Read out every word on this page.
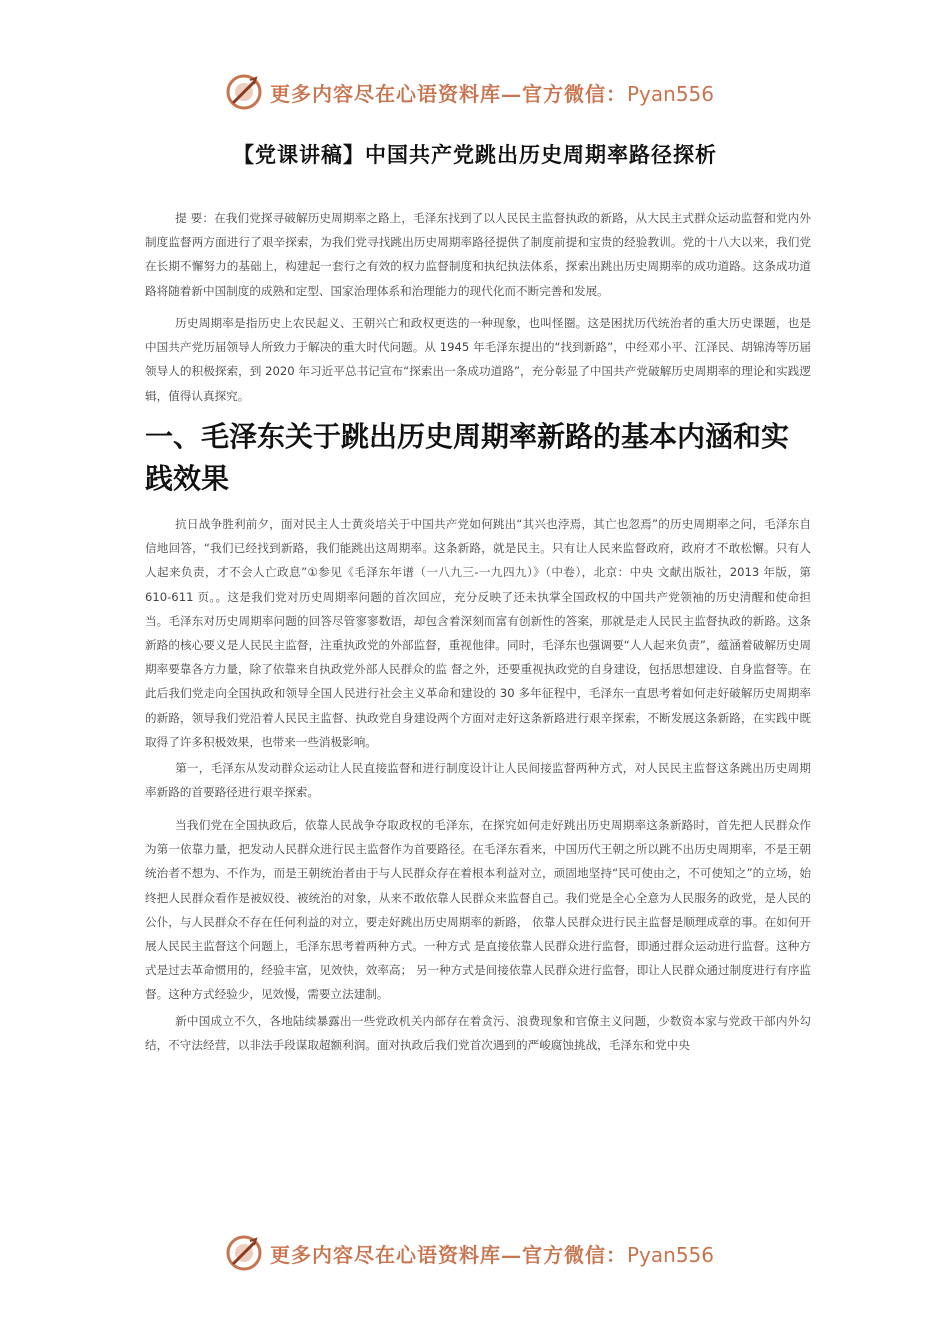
更多内容尽在心语资料库—官方微信：Pyan556
【党课讲稿】中国共产党跳出历史周期率路径探析

提 要：在我们党探寻破解历史周期率之路上，毛泽东找到了以人民民主监督执政的新路，从大民主式群众运动监督和党内外制度监督两方面进行了艰辛探索，为我们党寻找跳出历史周期率路径提供了制度前提和宝贵的经验教训。党的十八大以来，我们党在长期不懈努力的基础上，构建起一套行之有效的权力监督制度和执纪执法体系，探索出跳出历史周期率的成功道路。这条成功道路将随着新中国制度的成熟和定型、国家治理体系和治理能力的现代化而不断完善和发展。

历史周期率是指历史上农民起义、王朝兴亡和政权更迭的一种现象，也叫怪圈。这是困扰历代统治者的重大历史课题，也是中国共产党历届领导人所致力于解决的重大时代问题。从 1945 年毛泽东提出的“找到新路”，中经邓小平、江泽民、胡锦涛等历届领导人的积极探索，到 2020 年习近平总书记宣布“探索出一条成功道路”，充分彰显了中国共产党破解历史周期率的理论和实践逻辑，值得认真探究。

一、毛泽东关于跳出历史周期率新路的基本内涵和实践效果

抗日战争胜利前夕，面对民主人士黄炎培关于中国共产党如何跳出“其兴也浡焉，其亡也忽焉”的历史周期率之问，毛泽东自信地回答，“我们已经找到新路，我们能跳出这周期率。这条新路，就是民主。只有让人民来监督政府，政府才不敢松懈。只有人人起来负责，才不会人亡政息”①参见《毛泽东年谱（一八九三-一九四九）》（中卷），北京：中央 文献出版社，2013 年版，第 610-611 页。。这是我们党对历史周期率问题的首次回应，充分反映了还未执掌全国政权的中国共产党领袖的历史清醒和使命担当。毛泽东对历史周期率问题的回答尽管寥寥数语，却包含着深刻而富有创新性的答案，那就是走人民民主监督执政的新路。这条新路的核心要义是人民民主监督，注重执政党的外部监督，重视他律。同时，毛泽东也强调要“人人起来负责”，蕴涵着破解历史周期率要靠各方力量，除了依靠来自执政党外部人民群众的监 督之外，还要重视执政党的自身建设，包括思想建设、自身监督等。在此后我们党走向全国执政和领导全国人民进行社会主义革命和建设的 30 多年征程中，毛泽东一直思考着如何走好破解历史周期率的新路，领导我们党沿着人民民主监督、执政党自身建设两个方面对走好这条新路进行艰辛探索，不断发展这条新路，在实践中既取得了许多积极效果，也带来一些消极影响。

第一，毛泽东从发动群众运动让人民直接监督和进行制度设计让人民间接监督两种方式，对人民民主监督这条跳出历史周期率新路的首要路径进行艰辛探索。

当我们党在全国执政后，依靠人民战争夺取政权的毛泽东，在探究如何走好跳出历史周期率这条新路时，首先把人民群众作为第一依靠力量，把发动人民群众进行民主监督作为首要路径。在毛泽东看来，中国历代王朝之所以跳不出历史周期率，不是王朝统治者不想为、不作为，而是王朝统治者由于与人民群众存在着根本利益对立，顽固地坚持“民可使由之，不可使知之”的立场，始终把人民群众看作是被奴役、被统治的对象，从来不敢依靠人民群众来监督自己。我们党是全心全意为人民服务的政党，是人民的公仆，与人民群众不存在任何利益的对立，要走好跳出历史周期率的新路， 依靠人民群众进行民主监督是顺理成章的事。在如何开展人民民主监督这个问题上，毛泽东思考着两种方式。一种方式 是直接依靠人民群众进行监督，即通过群众运动进行监督。这种方式是过去革命惯用的，经验丰富，见效快，效率高； 另一种方式是间接依靠人民群众进行监督，即让人民群众通过制度进行有序监督。这种方式经验少，见效慢，需要立法建制。

新中国成立不久，各地陆续暴露出一些党政机关内部存在着贪污、浪费现象和官僚主义问题，少数资本家与党政干部内外勾结，不守法经营，以非法手段谋取超额利润。面对执政后我们党首次遇到的严峻腐蚀挑战，毛泽东和党中央

更多内容尽在心语资料库—官方微信：Pyan556
